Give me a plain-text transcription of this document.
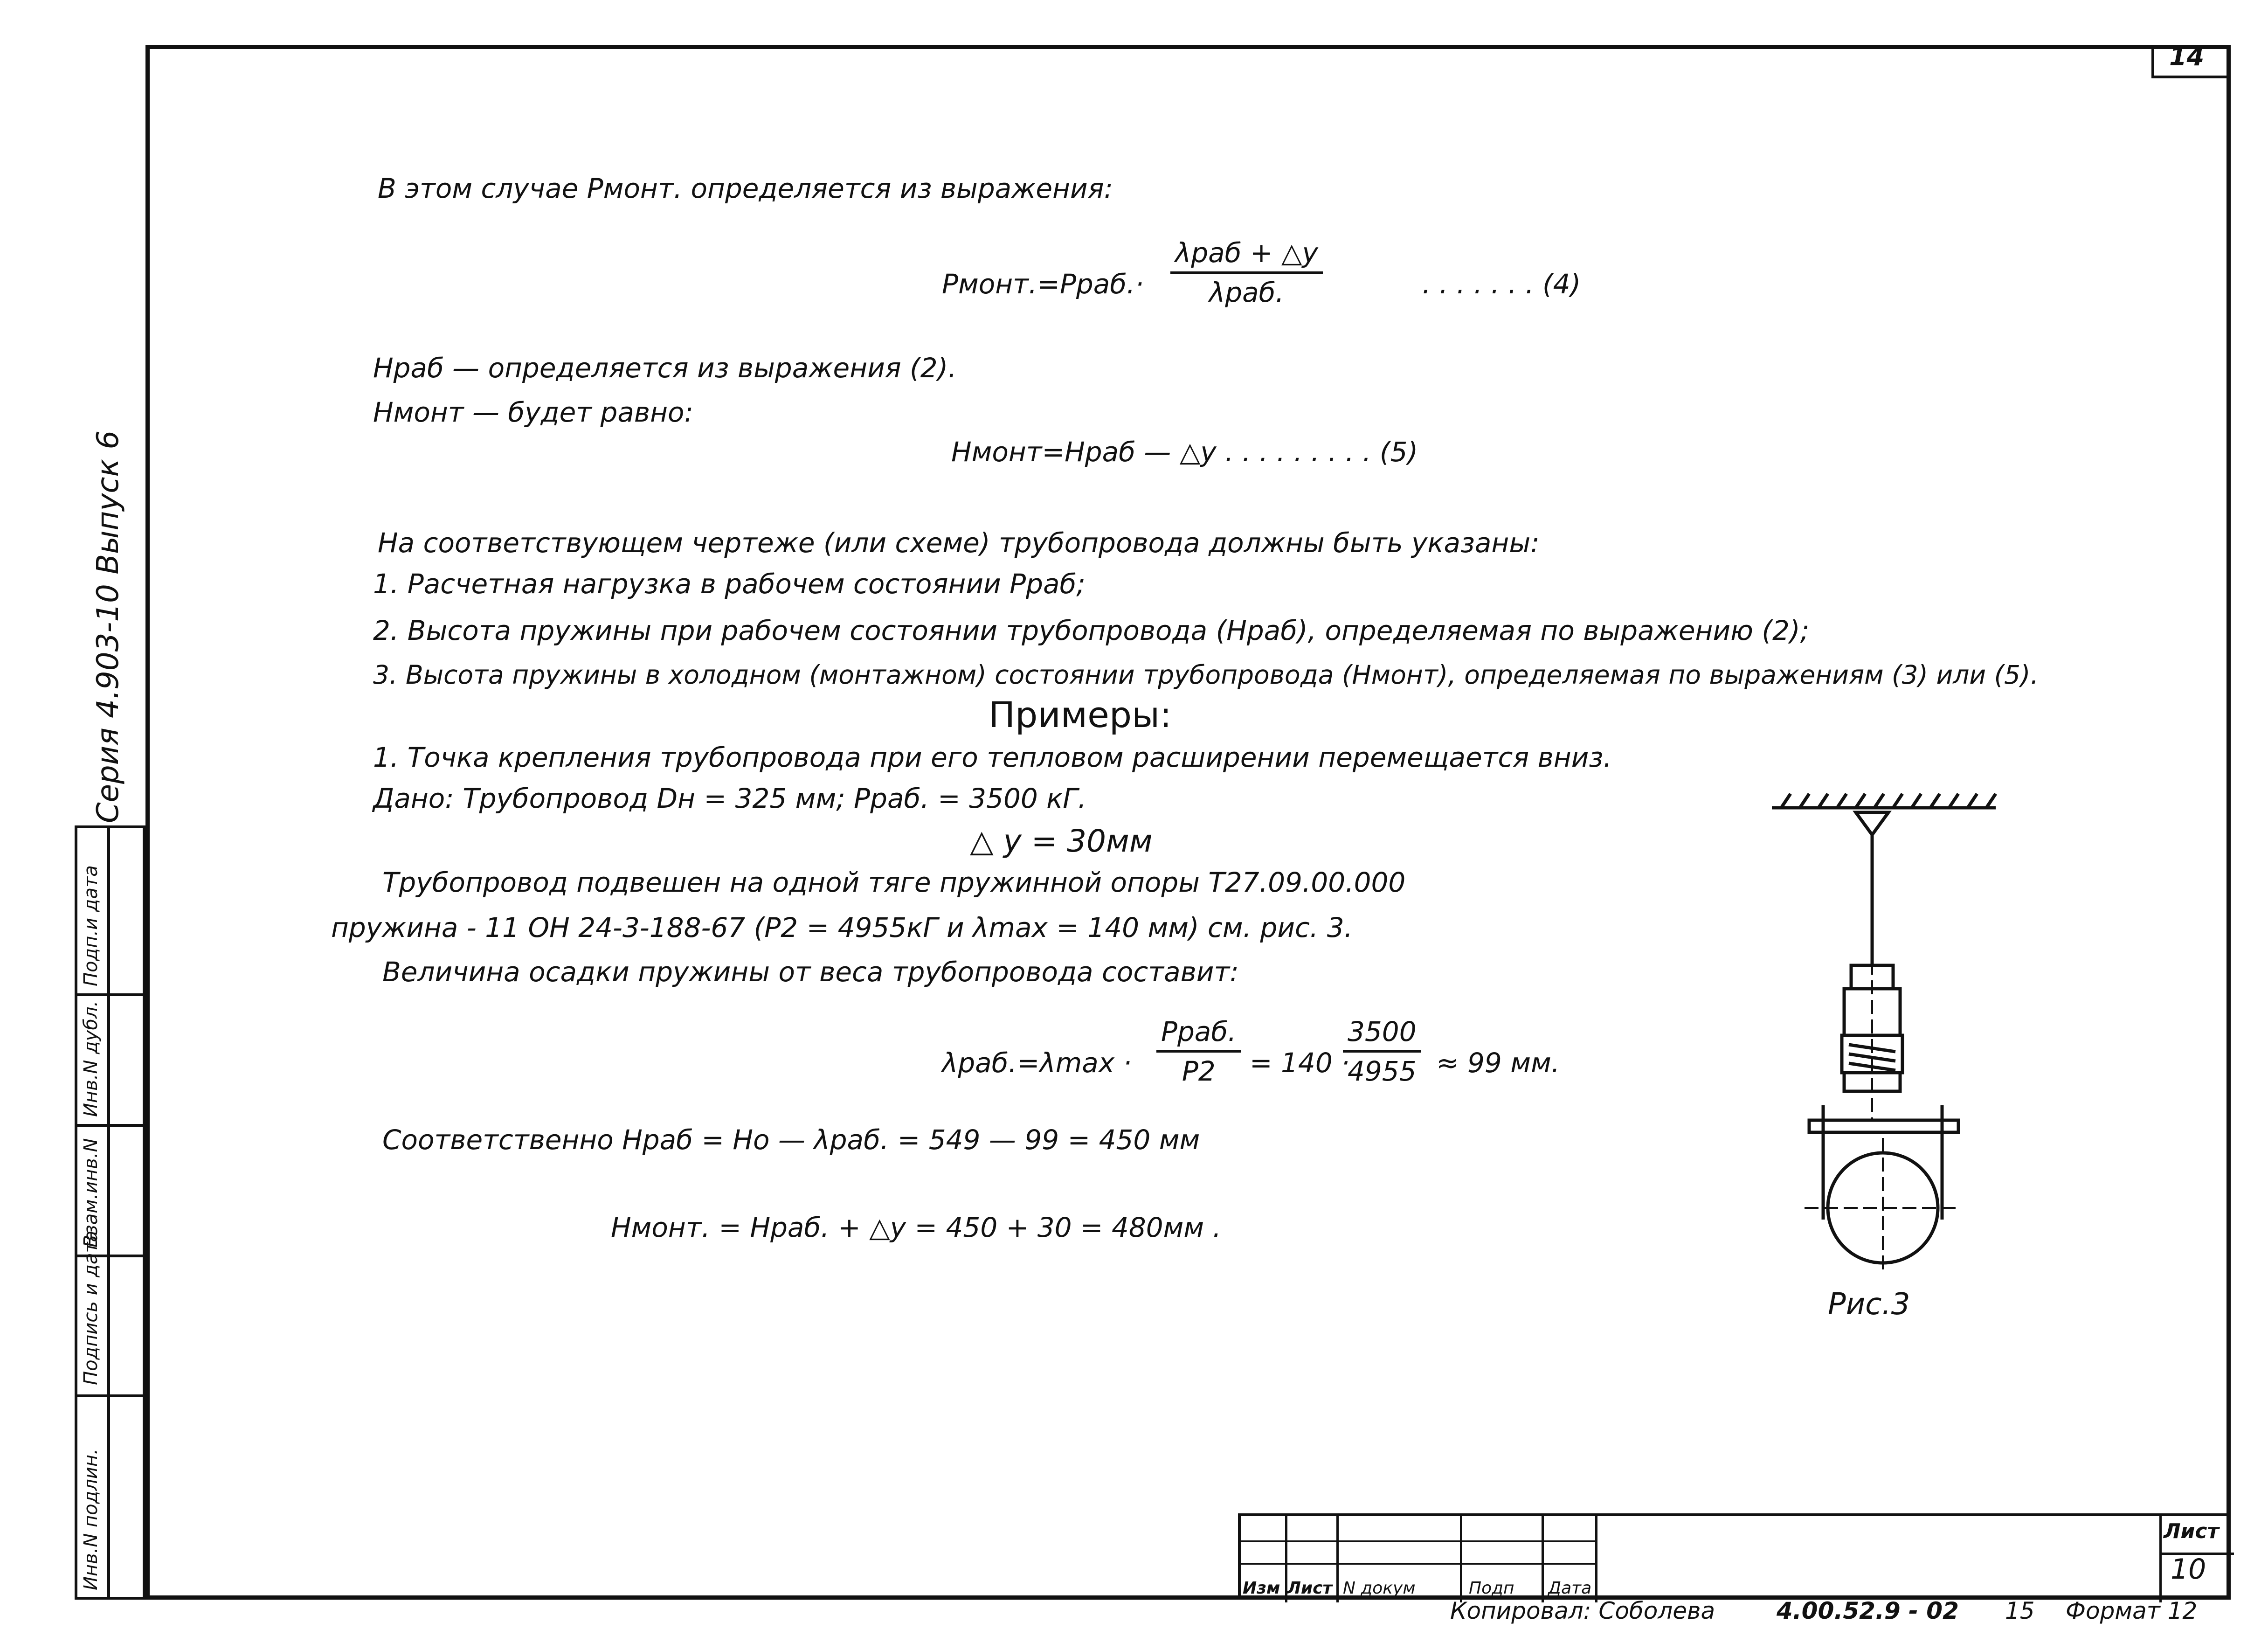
14
Серия 4.903-10 Выпуск 6
Инв.N подлин.
Подпись и дата
Взам.инв.N
Инв.N дубл.
Подп.и дата
В этом случае Рмонт. определяется из выражения:
Рмонт.=Рраб.·
λраб + △у
λраб.	. . . . . . . (4)
Нраб — определяется из выражения (2).
Нмонт — будет равно:
Нмонт=Нраб — △у . . . . . . . . . (5)
На соответствующем чертеже (или схеме) трубопровода должны быть указаны:
1. Расчетная нагрузка в рабочем состоянии Рраб;
2. Высота пружины при рабочем состоянии трубопровода (Нраб), определяемая по выражению (2);
3. Высота пружины в холодном (монтажном) состоянии трубопровода (Нмонт), определяемая по выражениям (3) или (5).
Примеры:
1. Точка крепления трубопровода при его тепловом расширении перемещается вниз.
Дано: Трубопровод Dн = 325 мм; Рраб. = 3500 кГ.
△ у = 30мм
Трубопровод подвешен на одной тяге пружинной опоры Т27.09.00.000
пружина - 11 ОН 24-3-188-67 (Р2 = 4955кГ и λmax = 140 мм) см. рис. 3.
Величина осадки пружины от веса трубопровода составит:
λраб.=λmax ·
Рраб.
Р2	= 140 ·
$\frac{3500}{4955} \approx 99$ мм.
Соответственно Нраб = Но — λраб. = 549 — 99 = 450 мм
Нмонт. = Нраб. + △у = 450 + 30 = 480мм .
Рис.3
Изм Лист N докум	Подп Дата
Лист
10
Копировал: Соболева	4.00.52.9 - 02 15 Формат 12
